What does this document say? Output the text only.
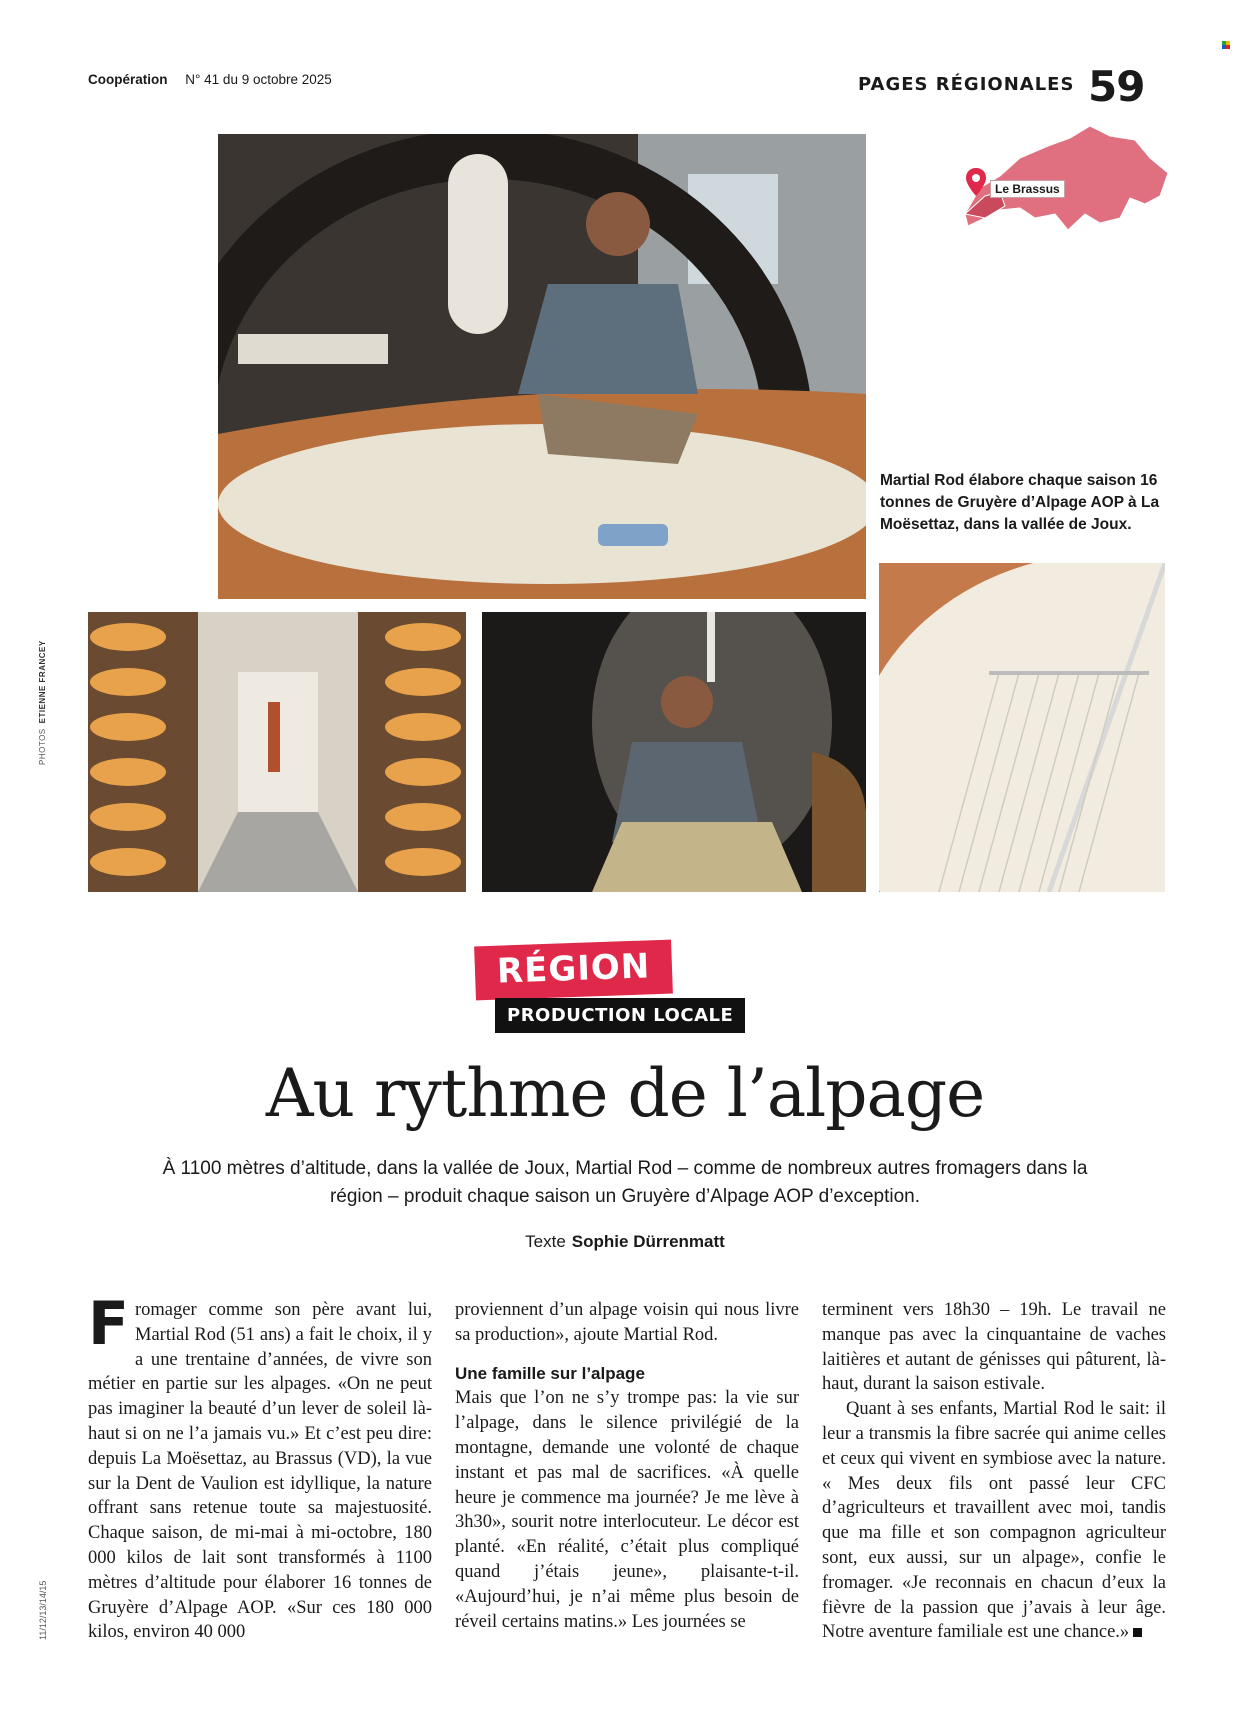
Coopération N° 41 du 9 octobre 2025	PAGES RÉGIONALES 59
Le Brassus
Martial Rod élabore chaque saison 16 tonnes de Gruyère d’Alpage AOP à La Moësettaz, dans la vallée de Joux.
PHOTOSETIENNE FRANCEY
RÉGION
PRODUCTION LOCALE
Au rythme de l’alpage
À 1100 mètres d’altitude, dans la vallée de Joux, Martial Rod – comme de nombreux autres fromagers dans la région – produit chaque saison un Gruyère d’Alpage AOP d’exception.
Texte Sophie Dürrenmatt
F romager comme son père avant lui, Martial Rod (51 ans) a fait le choix, il y a une trentaine d’années, de vivre son métier en partie sur les alpages. «On ne peut pas imaginer la beauté d’un lever de soleil là-haut si on ne l’a jamais vu.» Et c’est peu dire: depuis La Moësettaz, au Brassus (VD), la vue sur la Dent de Vaulion est idyllique, la nature offrant sans retenue toute sa majestuosité. Chaque saison, de mi-mai à mi-octobre, 180 000 kilos de lait sont transformés à 1100 mètres d’altitude pour élaborer 16 tonnes de Gruyère d’Alpage AOP. «Sur ces 180 000 kilos, environ 40 000

proviennent d’un alpage voisin qui nous livre sa production», ajoute Martial Rod.

Une famille sur l’alpage

Mais que l’on ne s’y trompe pas: la vie sur l’alpage, dans le silence privilégié de la montagne, demande une volonté de chaque instant et pas mal de sacrifices. «À quelle heure je commence ma journée? Je me lève à 3h30», sourit notre interlocuteur. Le décor est planté. «En réalité, c’était plus compliqué quand j’étais jeune», plaisante-t-il. «Aujourd’hui, je n’ai même plus besoin de réveil certains matins.» Les journées se

terminent vers 18h30 – 19h. Le travail ne manque pas avec la cinquantaine de vaches laitières et autant de génisses qui pâturent, là-haut, durant la saison estivale.

Quant à ses enfants, Martial Rod le sait: il leur a transmis la fibre sacrée qui anime celles et ceux qui vivent en symbiose avec la nature. « Mes deux fils ont passé leur CFC d’agriculteurs et travaillent avec moi, tandis que ma fille et son compagnon agriculteur sont, eux aussi, sur un alpage», confie le fromager. «Je reconnais en chacun d’eux la fièvre de la passion que j’avais à leur âge. Notre aventure familiale est une chance.»

11/12/13/14/15
